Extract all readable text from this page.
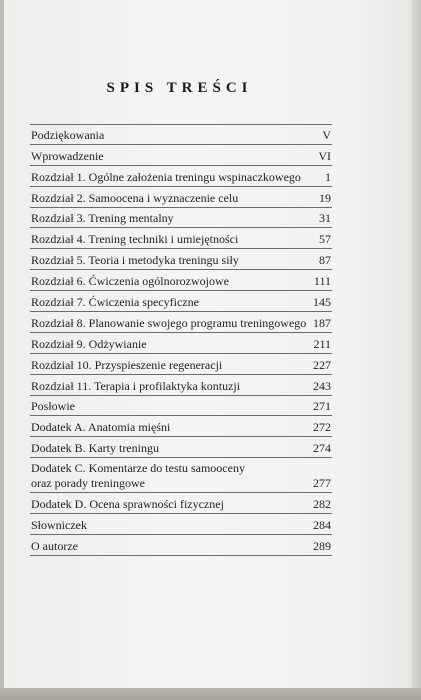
SPIS TREŚCI
Podziękowania	V
Wprowadzenie	VI
Rozdział 1. Ogólne założenia treningu wspinaczkowego 1
Rozdział 2. Samoocena i wyznaczenie celu	19
Rozdział 3. Trening mentalny	31
Rozdział 4. Trening techniki i umiejętności	57
Rozdział 5. Teoria i metodyka treningu siły	87
Rozdział 6. Ćwiczenia ogólnorozwojowe	111
Rozdział 7. Ćwiczenia specyficzne	145
Rozdział 8. Planowanie swojego programu treningowego 187
Rozdział 9. Odżywianie	211
Rozdział 10. Przyspieszenie regeneracji	227
Rozdział 11. Terapia i profilaktyka kontuzji	243
Posłowie	271
Dodatek A. Anatomia mięśni	272
Dodatek B. Karty treningu	274
Dodatek C. Komentarze do testu samooceny
oraz porady treningowe	277
Dodatek D. Ocena sprawności fizycznej	282
Słowniczek	284
O autorze	289
